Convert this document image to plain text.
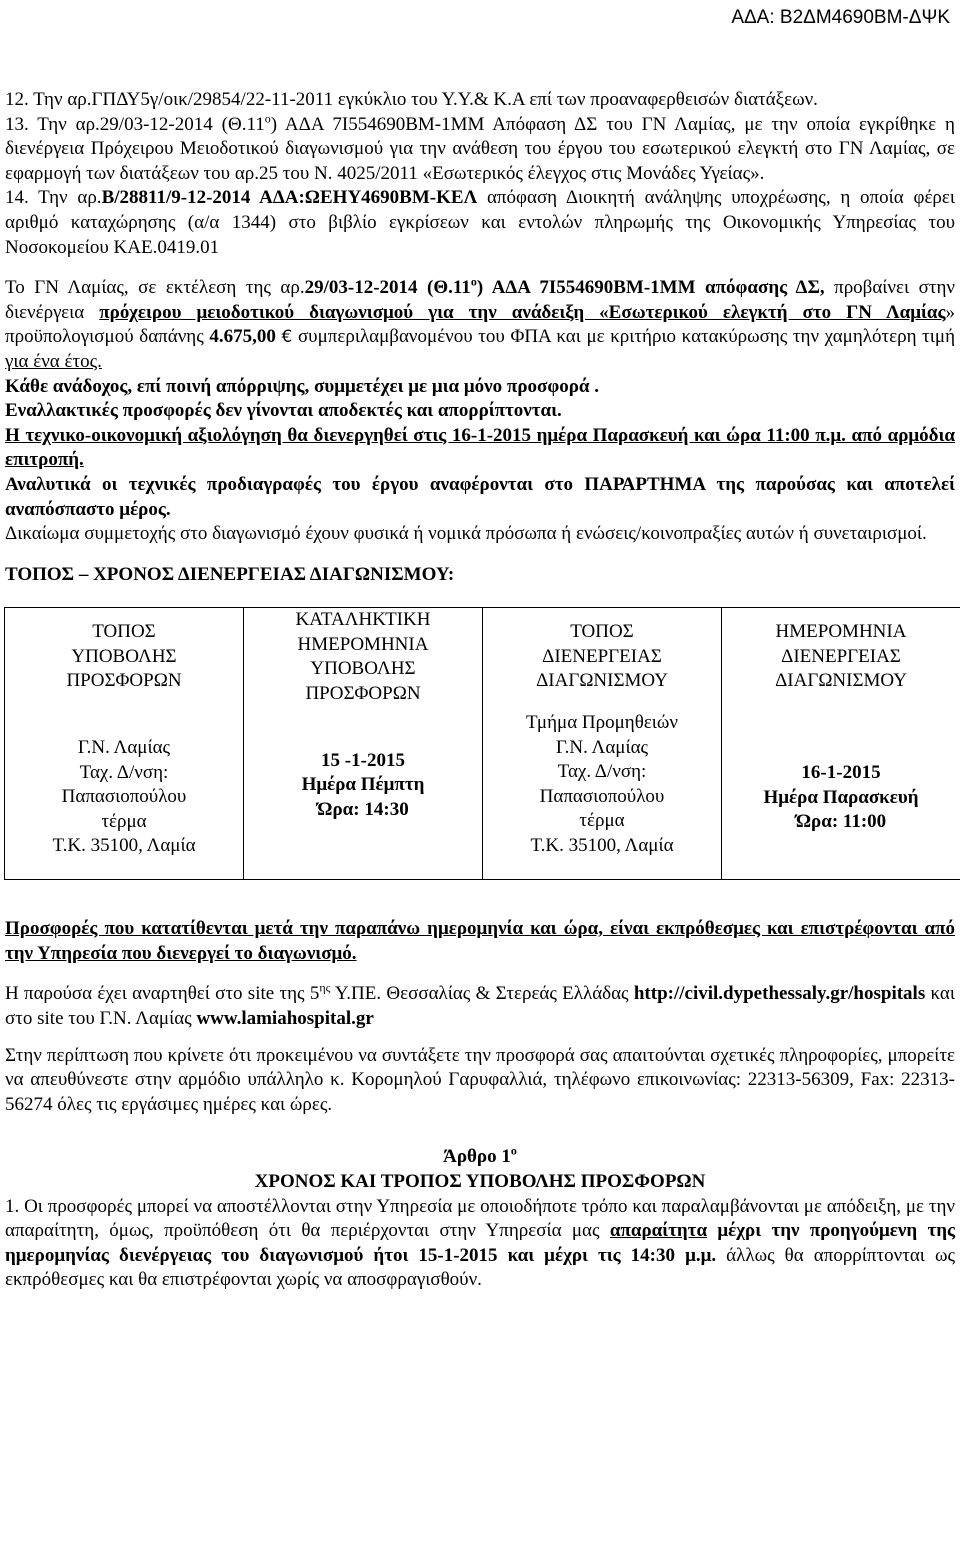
ΑΔΑ: Β2ΔΜ4690ΒΜ-ΔΨΚ

12. Την αρ.ΓΠΔΥ5γ/οικ/29854/22-11-2011 εγκύκλιο του Υ.Υ.& Κ.Α επί των προαναφερθεισών διατάξεων.

13. Την αρ.29/03-12-2014 $(\Theta.11^o)$ ΑΔΑ 7Ι554690ΒΜ-1ΜΜ Απόφαση ΔΣ του ΓΝ Λαμίας, με την οποία εγκρίθηκε η διενέργεια Πρόχειρου Μειοδοτικού διαγωνισμού για την ανάθεση του έργου του εσωτερικού ελεγκτή στο ΓΝ Λαμίας, σε εφαρμογή των διατάξεων του αρ.25 του Ν. 4025/2011 «Εσωτερικός έλεγχος στις Μονάδες Υγείας».

14. Την αρ.Β/28811/9-12-2014 ΑΔΑ:ΩΕΗΥ4690ΒΜ-ΚΕΛ απόφαση Διοικητή ανάληψης υποχρέωσης, η οποία φέρει αριθμό καταχώρησης (α/α 1344) στο βιβλίο εγκρίσεων και εντολών πληρωμής της Οικονομικής Υπηρεσίας του Νοσοκομείου ΚΑΕ.0419.01

Το ΓΝ Λαμίας, σε εκτέλεση της αρ.29/03-12-2014 $(\Theta.11^o)$ ΑΔΑ 7Ι554690ΒΜ-1ΜΜ απόφασης ΔΣ, προβαίνει στην διενέργεια πρόχειρου μειοδοτικού διαγωνισμού για την ανάδειξη «Εσωτερικού ελεγκτή στο ΓΝ Λαμίας» προϋπολογισμού δαπάνης 4.675,00 € συμπεριλαμβανομένου του ΦΠΑ και με κριτήριο κατακύρωσης την χαμηλότερη τιμή για ένα έτος.

Κάθε ανάδοχος, επί ποινή απόρριψης, συμμετέχει με μια μόνο προσφορά .

Εναλλακτικές προσφορές δεν γίνονται αποδεκτές και απορρίπτονται.

Η τεχνικο-οικονομική αξιολόγηση θα διενεργηθεί στις 16-1-2015 ημέρα Παρασκευή και ώρα 11:00 π.μ. από αρμόδια επιτροπή.

Αναλυτικά οι τεχνικές προδιαγραφές του έργου αναφέρονται στο ΠΑΡΑΡΤΗΜΑ της παρούσας και αποτελεί αναπόσπαστο μέρος.

Δικαίωμα συμμετοχής στο διαγωνισμό έχουν φυσικά ή νομικά πρόσωπα ή ενώσεις/κοινοπραξίες αυτών ή συνεταιρισμοί.

ΤΟΠΟΣ – ΧΡΟΝΟΣ ΔΙΕΝΕΡΓΕΙΑΣ ΔΙΑΓΩΝΙΣΜΟΥ:

ΤΟΠΟΣ
ΥΠΟΒΟΛΗΣ
ΠΡΟΣΦΟΡΩΝ
Γ.Ν. Λαμίας
Ταχ. Δ/νση:
Παπασιοπούλου
τέρμα
Τ.Κ. 35100, Λαμία

ΚΑΤΑΛΗΚΤΙΚΗ
ΗΜΕΡΟΜΗΝΙΑ
ΥΠΟΒΟΛΗΣ
ΠΡΟΣΦΟΡΩΝ
15 -1-2015
Ημέρα Πέμπτη
Ώρα: 14:30

ΤΟΠΟΣ
ΔΙΕΝΕΡΓΕΙΑΣ
ΔΙΑΓΩΝΙΣΜΟΥ
Τμήμα Προμηθειών
Γ.Ν. Λαμίας
Ταχ. Δ/νση:
Παπασιοπούλου
τέρμα
Τ.Κ. 35100, Λαμία

ΗΜΕΡΟΜΗΝΙΑ
ΔΙΕΝΕΡΓΕΙΑΣ
ΔΙΑΓΩΝΙΣΜΟΥ
16-1-2015
Ημέρα Παρασκευή
Ώρα: 11:00

Προσφορές που κατατίθενται μετά την παραπάνω ημερομηνία και ώρα, είναι εκπρόθεσμες και επιστρέφονται από την Υπηρεσία που διενεργεί το διαγωνισμό.

Η παρούσα έχει αναρτηθεί στο site της $5^{\eta\varsigma}$ Υ.ΠΕ. Θεσσαλίας & Στερεάς Ελλάδας http://civil.dypethessaly.gr/hospitals και στο site του Γ.Ν. Λαμίας www.lamiahospital.gr

Στην περίπτωση που κρίνετε ότι προκειμένου να συντάξετε την προσφορά σας απαιτούνται σχετικές πληροφορίες, μπορείτε να απευθύνεστε στην αρμόδιο υπάλληλο κ. Κορομηλού Γαρυφαλλιά, τηλέφωνο επικοινωνίας: 22313-56309, Fax: 22313-56274 όλες τις εργάσιμες ημέρες και ώρες.

Άρθρο $1^o$

ΧΡΟΝΟΣ ΚΑΙ ΤΡΟΠΟΣ ΥΠΟΒΟΛΗΣ ΠΡΟΣΦΟΡΩΝ

1. Οι προσφορές μπορεί να αποστέλλονται στην Υπηρεσία με οποιοδήποτε τρόπο και παραλαμβάνονται με απόδειξη, με την απαραίτητη, όμως, προϋπόθεση ότι θα περιέρχονται στην Υπηρεσία μας απαραίτητα μέχρι την προηγούμενη της ημερομηνίας διενέργειας του διαγωνισμού ήτοι 15-1-2015 και μέχρι τις 14:30 μ.μ. άλλως θα απορρίπτονται ως εκπρόθεσμες και θα επιστρέφονται χωρίς να αποσφραγισθούν.
